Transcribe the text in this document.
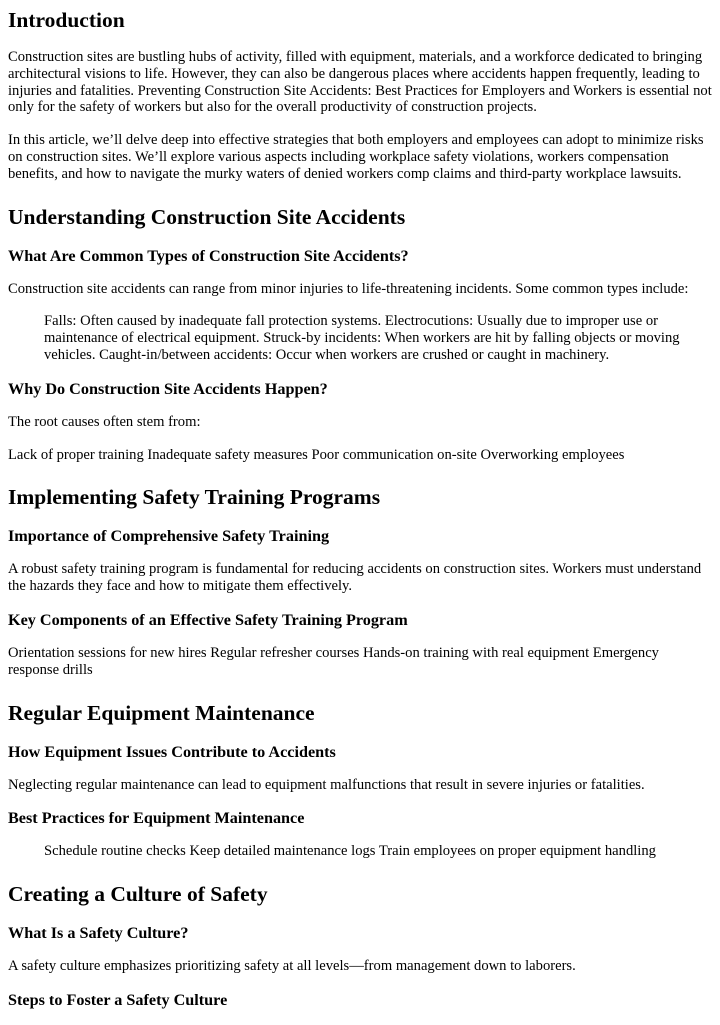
Introduction

Construction sites are bustling hubs of activity, filled with equipment, materials, and a workforce dedicated to bringing architectural visions to life. However, they can also be dangerous places where accidents happen frequently, leading to injuries and fatalities. Preventing Construction Site Accidents: Best Practices for Employers and Workers is essential not only for the safety of workers but also for the overall productivity of construction projects.

In this article, we’ll delve deep into effective strategies that both employers and employees can adopt to minimize risks on construction sites. We’ll explore various aspects including workplace safety violations, workers compensation benefits, and how to navigate the murky waters of denied workers comp claims and third-party workplace lawsuits.

Understanding Construction Site Accidents
What Are Common Types of Construction Site Accidents?

Construction site accidents can range from minor injuries to life-threatening incidents. Some common types include:

Falls: Often caused by inadequate fall protection systems. Electrocutions: Usually due to improper use or maintenance of electrical equipment. Struck-by incidents: When workers are hit by falling objects or moving vehicles. Caught-in/between accidents: Occur when workers are crushed or caught in machinery.
Why Do Construction Site Accidents Happen?

The root causes often stem from:

Lack of proper training Inadequate safety measures Poor communication on-site Overworking employees

Implementing Safety Training Programs
Importance of Comprehensive Safety Training

A robust safety training program is fundamental for reducing accidents on construction sites. Workers must understand the hazards they face and how to mitigate them effectively.

Key Components of an Effective Safety Training Program

Orientation sessions for new hires Regular refresher courses Hands-on training with real equipment Emergency response drills

Regular Equipment Maintenance
How Equipment Issues Contribute to Accidents

Neglecting regular maintenance can lead to equipment malfunctions that result in severe injuries or fatalities.

Best Practices for Equipment Maintenance
Schedule routine checks Keep detailed maintenance logs Train employees on proper equipment handling
Creating a Culture of Safety
What Is a Safety Culture?

A safety culture emphasizes prioritizing safety at all levels—from management down to laborers.

Steps to Foster a Safety Culture
